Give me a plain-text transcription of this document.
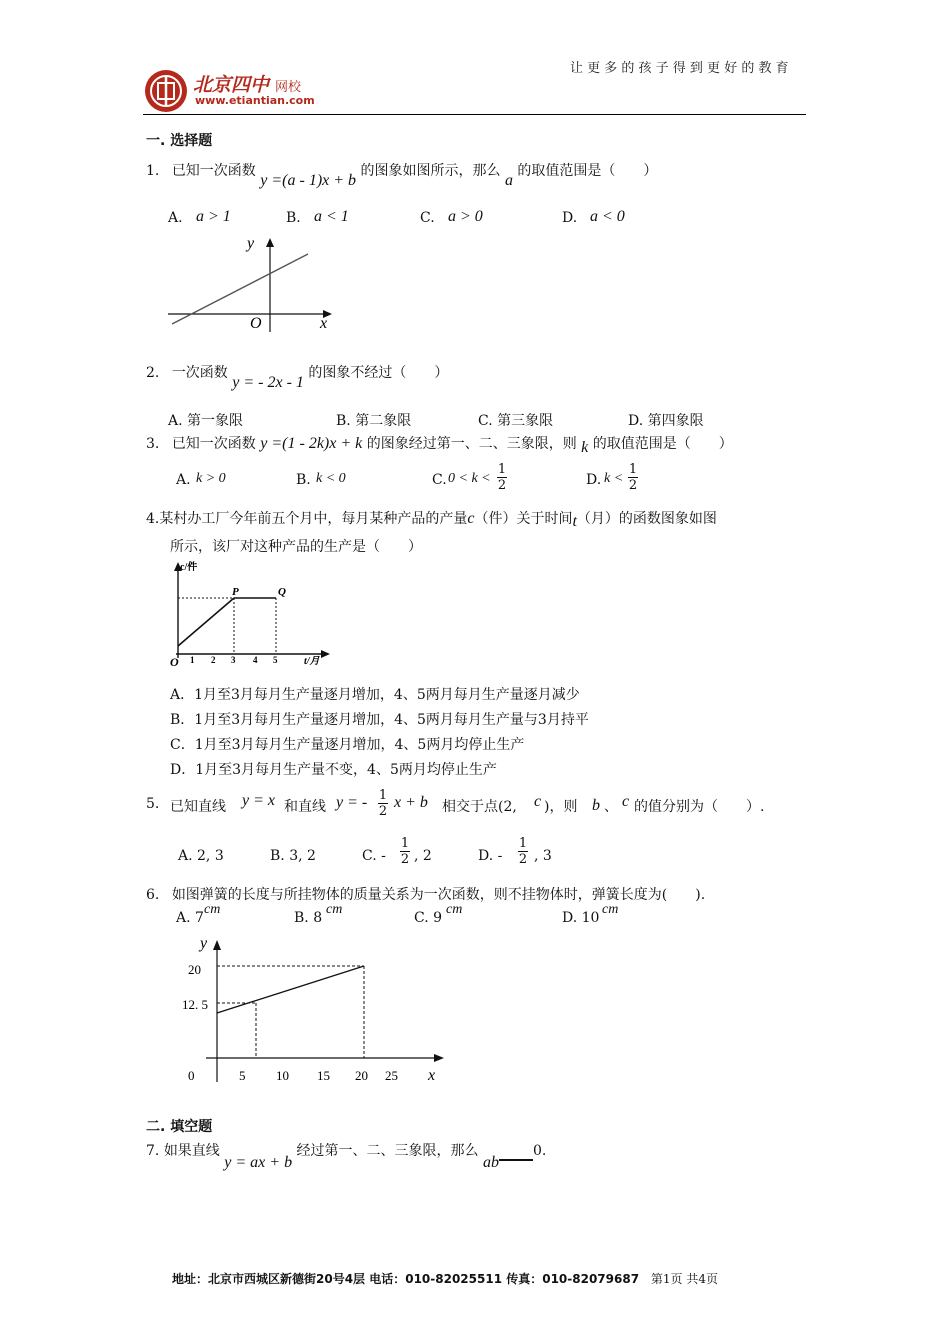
北京四中 网校
www.etiantian.com
让 更 多 的 孩 子 得 到 更 好 的 教 育
一. 选择题
1. 已知一次函数 y =(a - 1)x + b 的图象如图所示，那么 a 的取值范围是（　　）
A. a > 1	B. a < 1	C. a > 0	D. a < 0
y
O	x
2. 一次函数 y = - 2x - 1 的图象不经过（　　）
A. 第一象限	B. 第二象限	C. 第三象限	D. 第四象限
3. 已知一次函数 y =(1 - 2k)x + k 的图象经过第一、二、三象限，则 k 的取值范围是（　　）
A. k > 0	B. k < 0	C. 0 < k <
1
2	D. k <
1
2
4.某村办工厂今年前五个月中，每月某种产品的产量c（件）关于时间t（月）的函数图象如图
所示，该厂对这种产品的生产是（　　）
c/件
P	Q
O 1 2 3 4 5	t/月
A．1月至3月每月生产量逐月增加，4、5两月每月生产量逐月减少
B．1月至3月每月生产量逐月增加，4、5两月每月生产量与3月持平
C．1月至3月每月生产量逐月增加，4、5两月均停止生产
D．1月至3月每月生产量不变，4、5两月均停止生产
5. 已知直线 y = x 和直线 y = - 1
2
x + b 相交于点(2, c )，则 b 、 c 的值分别为（　　）.
A. 2, 3	B. 3, 2	C. -
1
2 , 2	D. -
1
2 , 3
6. 如图弹簧的长度与所挂物体的质量关系为一次函数，则不挂物体时，弹簧长度为(　　).
A. 7
cm
B. 8
cm
C. 9
cm
D. 10
cm
y
20
12. 5
0	5 10 15 20 25 x
二. 填空题
7. 如果直线 y = ax + b 经过第一、二、三象限，那么 ab0.
地址：北京市西城区新德街20号4层 电话：010-82025511 传真：010-82079687 第1页 共4页
